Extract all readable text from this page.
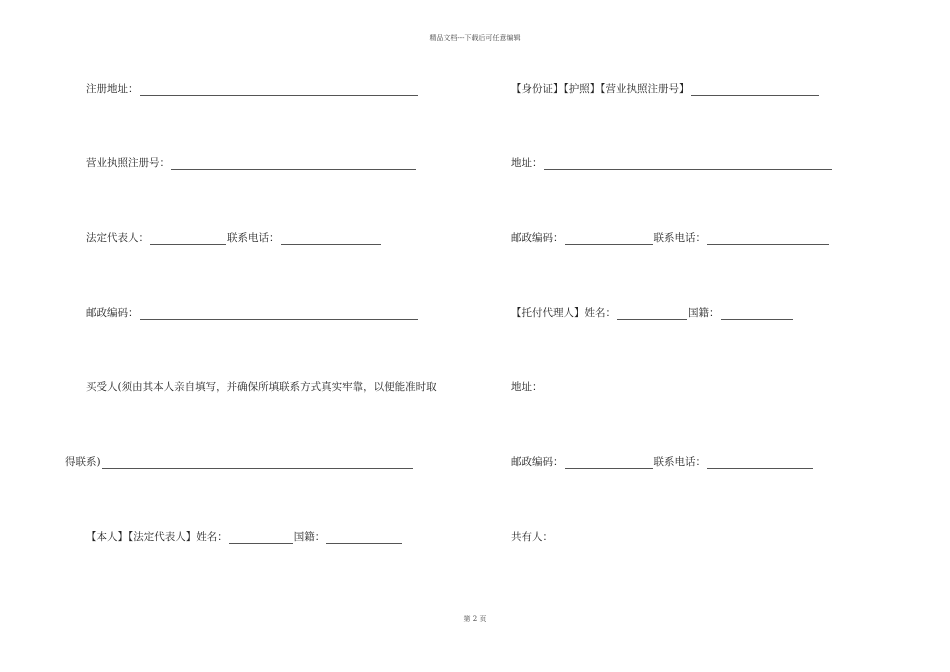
精品文档---下载后可任意编辑
注册地址：
营业执照注册号：
法定代表人：	联系电话：
邮政编码：
买受人(须由其本人亲自填写，并确保所填联系方式真实牢靠，以便能准时取
得联系)
【本人】【法定代表人】姓名：	国籍：
【身份证】【护照】【营业执照注册号】
地址：
邮政编码：	联系电话：
【托付代理人】姓名：	国籍：
地址：
邮政编码：	联系电话：
共有人：
第 2 页
